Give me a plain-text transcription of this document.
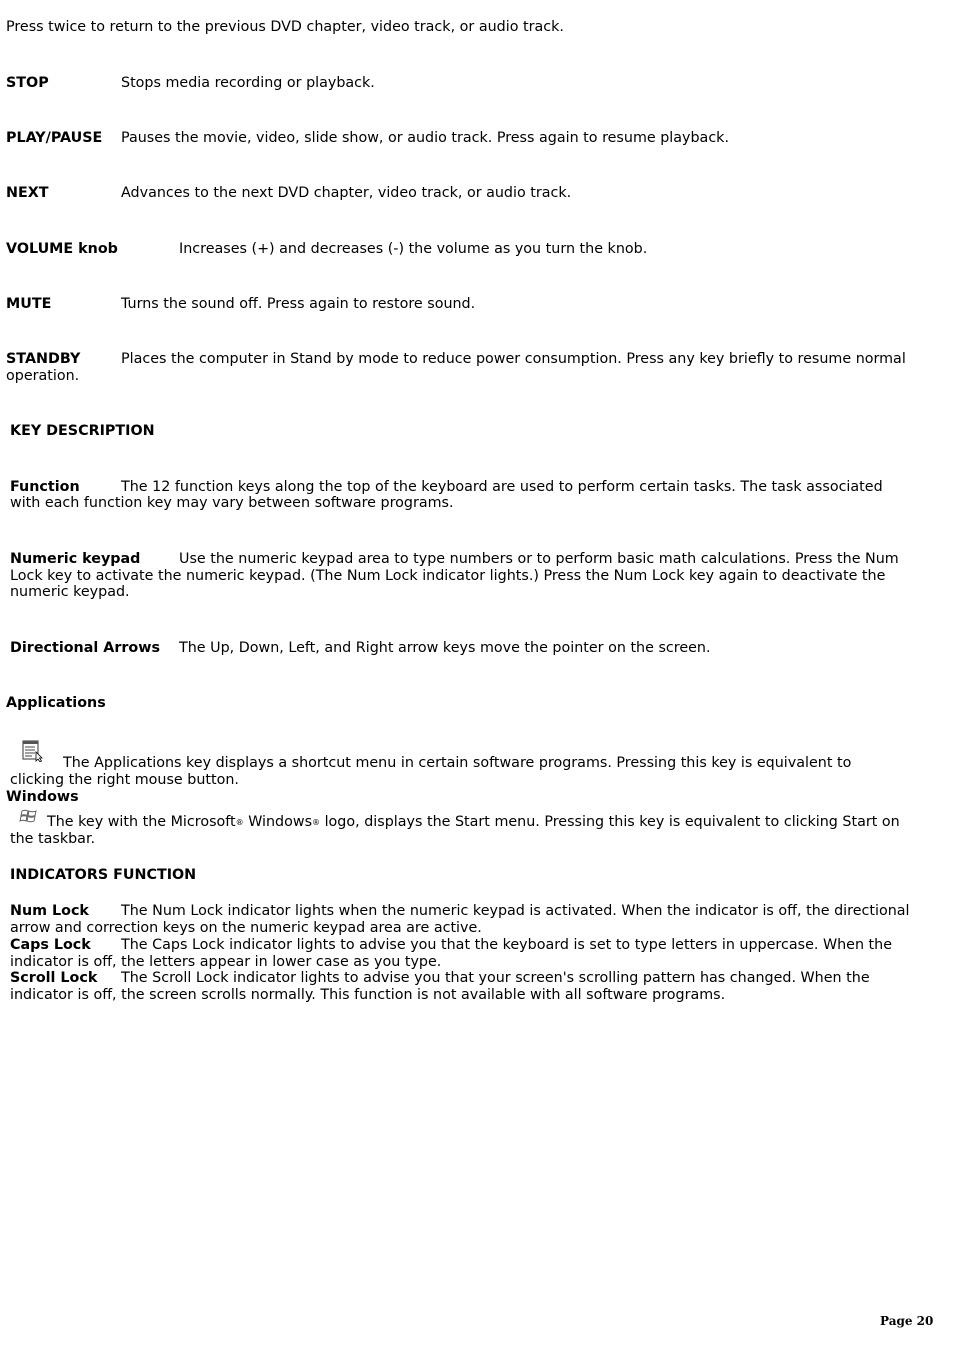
Press twice to return to the previous DVD chapter, video track, or audio track.
STOP	Stops media recording or playback.
PLAY/PAUSE Pauses the movie, video, slide show, or audio track. Press again to resume playback.
NEXT	Advances to the next DVD chapter, video track, or audio track.
VOLUME knob	Increases (+) and decreases (-) the volume as you turn the knob.
MUTE	Turns the sound off. Press again to restore sound.
STANDBY	Places the computer in Stand by mode to reduce power consumption. Press any key briefly to resume normal
operation.
KEY DESCRIPTION
Function	The 12 function keys along the top of the keyboard are used to perform certain tasks. The task associated
with each function key may vary between software programs.
Numeric keypad	Use the numeric keypad area to type numbers or to perform basic math calculations. Press the Num
Lock key to activate the numeric keypad. (The Num Lock indicator lights.) Press the Num Lock key again to deactivate the
numeric keypad.
Directional Arrows The Up, Down, Left, and Right arrow keys move the pointer on the screen.
Applications
The Applications key displays a shortcut menu in certain software programs. Pressing this key is equivalent to
clicking the right mouse button.
Windows
The key with the Microsoft® Windows® logo, displays the Start menu. Pressing this key is equivalent to clicking Start on
the taskbar.
INDICATORS FUNCTION
Num Lock The Num Lock indicator lights when the numeric keypad is activated. When the indicator is off, the directional
arrow and correction keys on the numeric keypad area are active.
Caps Lock The Caps Lock indicator lights to advise you that the keyboard is set to type letters in uppercase. When the
indicator is off, the letters appear in lower case as you type.
Scroll Lock The Scroll Lock indicator lights to advise you that your screen's scrolling pattern has changed. When the
indicator is off, the screen scrolls normally. This function is not available with all software programs.
Page 20
